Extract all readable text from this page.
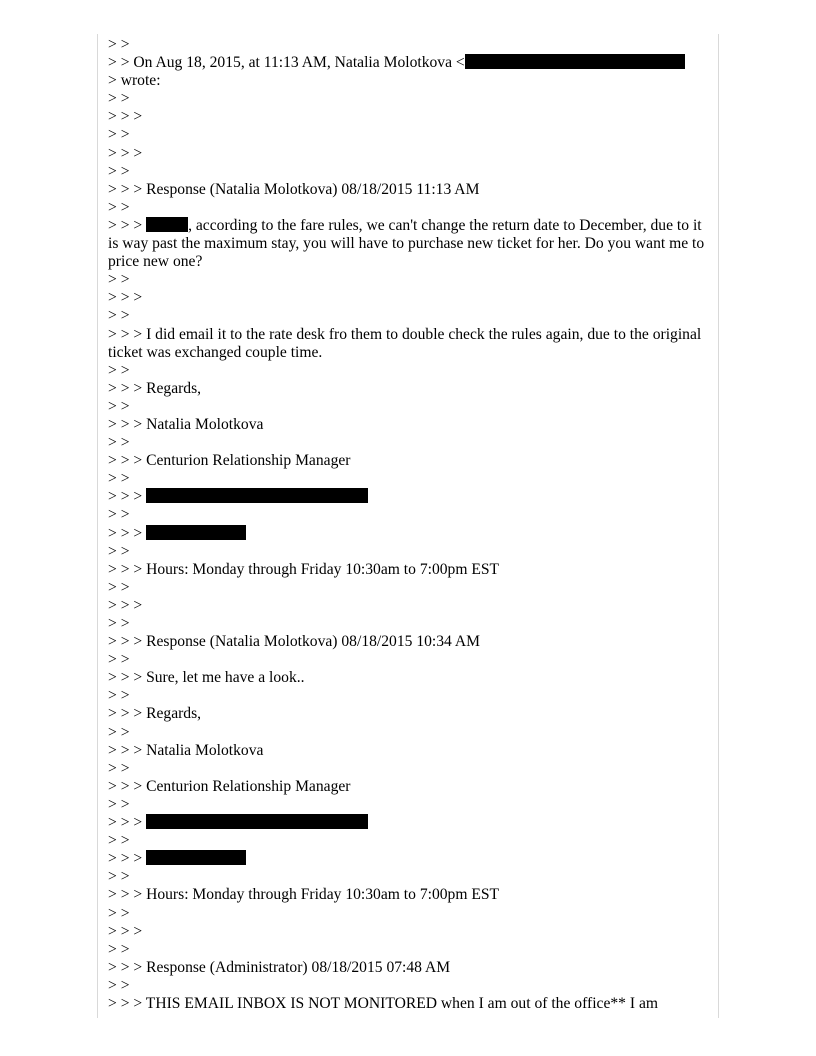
> >
> > On Aug 18, 2015, at 11:13 AM, Natalia Molotkova <
> wrote:
> >
> > >
> >
> > >
> >
> > > Response (Natalia Molotkova) 08/18/2015 11:13 AM
> >
> > >	, according to the fare rules, we can't change the return date to December, due to it is way past the maximum stay, you will have to purchase new ticket for her. Do you want me to price new one?
> >
> > >
> >
> > > I did email it to the rate desk fro them to double check the rules again, due to the original ticket was exchanged couple time.
> >
> > > Regards,
> >
> > > Natalia Molotkova
> >
> > > Centurion Relationship Manager
> >
> > >
> >
> > >
> >
> > > Hours: Monday through Friday 10:30am to 7:00pm EST
> >
> > >
> >
> > > Response (Natalia Molotkova) 08/18/2015 10:34 AM
> >
> > > Sure, let me have a look..
> >
> > > Regards,
> >
> > > Natalia Molotkova
> >
> > > Centurion Relationship Manager
> >
> > >
> >
> > >
> >
> > > Hours: Monday through Friday 10:30am to 7:00pm EST
> >
> > >
> >
> > > Response (Administrator) 08/18/2015 07:48 AM
> >
> > > THIS EMAIL INBOX IS NOT MONITORED when I am out of the office** I am
